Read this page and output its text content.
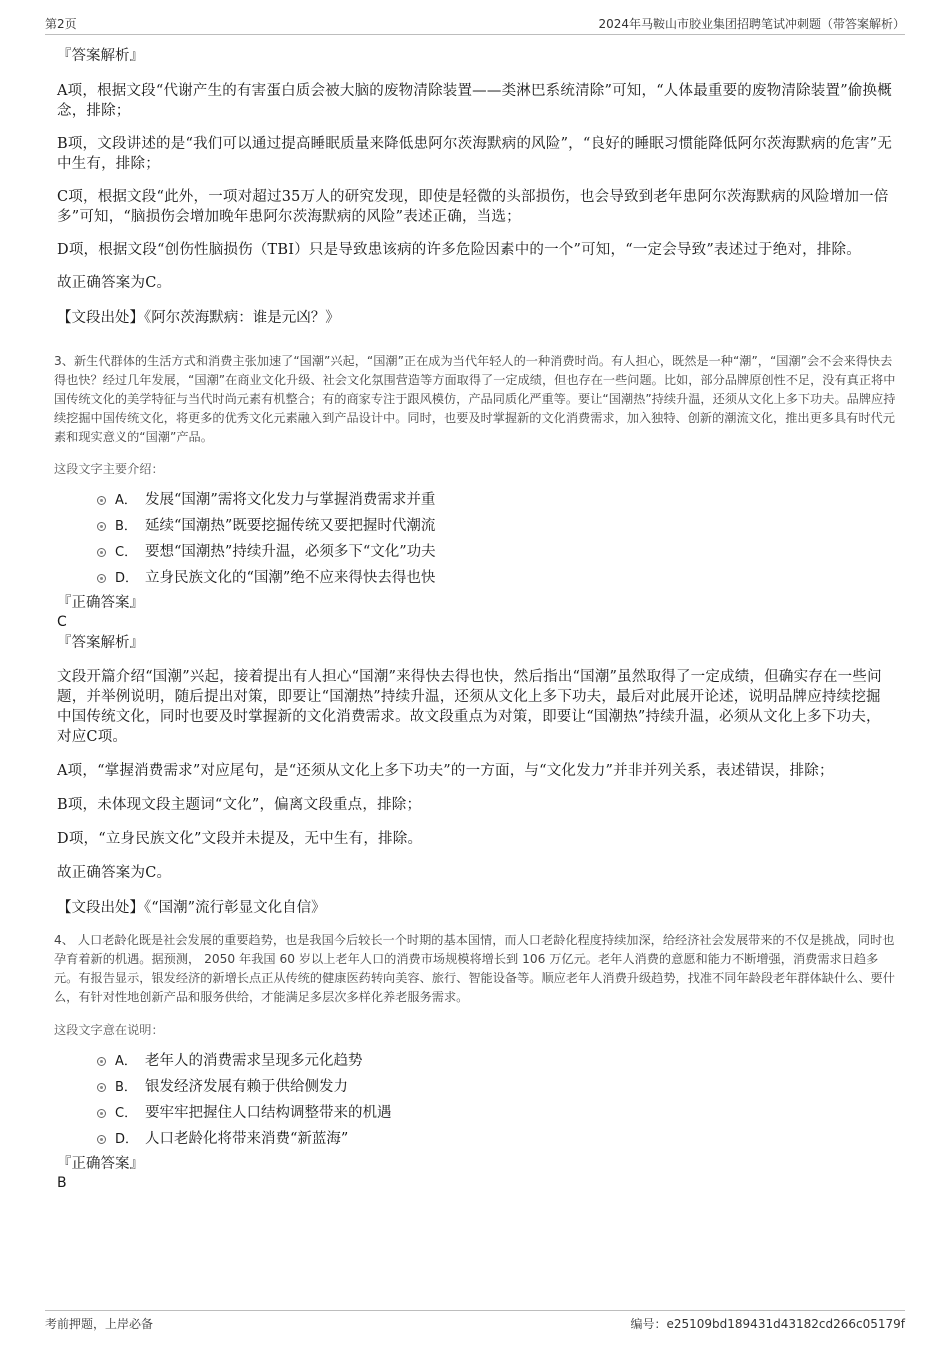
第2页	2024年马鞍山市胶业集团招聘笔试冲刺题（带答案解析）

『答案解析』

A项，根据文段“代谢产生的有害蛋白质会被大脑的废物清除装置——类淋巴系统清除”可知，“人体最重要的废物清除装置”偷换概念，排除；

B项，文段讲述的是“我们可以通过提高睡眠质量来降低患阿尔茨海默病的风险”，“良好的睡眠习惯能降低阿尔茨海默病的危害”无中生有，排除；

C项，根据文段“此外，一项对超过35万人的研究发现，即使是轻微的头部损伤，也会导致到老年患阿尔茨海默病的风险增加一倍多”可知，“脑损伤会增加晚年患阿尔茨海默病的风险”表述正确，当选；

D项，根据文段“创伤性脑损伤（TBI）只是导致患该病的许多危险因素中的一个”可知，“一定会导致”表述过于绝对，排除。

故正确答案为C。

【文段出处】《阿尔茨海默病：谁是元凶？》

3、新生代群体的生活方式和消费主张加速了“国潮”兴起，“国潮”正在成为当代年轻人的一种消费时尚。有人担心，既然是一种“潮”，“国潮”会不会来得快去得也快？经过几年发展，“国潮”在商业文化升级、社会文化氛围营造等方面取得了一定成绩，但也存在一些问题。比如，部分品牌原创性不足，没有真正将中国传统文化的美学特征与当代时尚元素有机整合；有的商家专注于跟风模仿，产品同质化严重等。要让“国潮热”持续升温，还须从文化上多下功夫。品牌应持续挖掘中国传统文化，将更多的优秀文化元素融入到产品设计中。同时，也要及时掌握新的文化消费需求，加入独特、创新的潮流文化，推出更多具有时代元素和现实意义的“国潮”产品。

这段文字主要介绍：

A． 发展“国潮”需将文化发力与掌握消费需求并重
B． 延续“国潮热”既要挖掘传统又要把握时代潮流
C． 要想“国潮热”持续升温，必须多下“文化”功夫
D． 立身民族文化的“国潮”绝不应来得快去得也快

『正确答案』

C

『答案解析』

文段开篇介绍“国潮”兴起，接着提出有人担心“国潮”来得快去得也快，然后指出“国潮”虽然取得了一定成绩，但确实存在一些问题，并举例说明，随后提出对策，即要让“国潮热”持续升温，还须从文化上多下功夫，最后对此展开论述，说明品牌应持续挖掘中国传统文化，同时也要及时掌握新的文化消费需求。故文段重点为对策，即要让“国潮热”持续升温，必须从文化上多下功夫，对应C项。

A项，“掌握消费需求”对应尾句，是“还须从文化上多下功夫”的一方面，与“文化发力”并非并列关系，表述错误，排除；

B项，未体现文段主题词“文化”，偏离文段重点，排除；

D项，“立身民族文化”文段并未提及，无中生有，排除。

故正确答案为C。

【文段出处】《“国潮”流行彰显文化自信》

4、 人口老龄化既是社会发展的重要趋势，也是我国今后较长一个时期的基本国情，而人口老龄化程度持续加深，给经济社会发展带来的不仅是挑战，同时也孕育着新的机遇。据预测， 2050 年我国 60 岁以上老年人口的消费市场规模将增长到 106 万亿元。老年人消费的意愿和能力不断增强，消费需求日趋多元。有报告显示，银发经济的新增长点正从传统的健康医药转向美容、旅行、智能设备等。顺应老年人消费升级趋势，找准不同年龄段老年群体缺什么、要什么，有针对性地创新产品和服务供给，才能满足多层次多样化养老服务需求。

这段文字意在说明：

A． 老年人的消费需求呈现多元化趋势
B． 银发经济发展有赖于供给侧发力
C． 要牢牢把握住人口结构调整带来的机遇
D． 人口老龄化将带来消费“新蓝海”

『正确答案』

B

考前押题，上岸必备	编号：e25109bd189431d43182cd266c05179f
